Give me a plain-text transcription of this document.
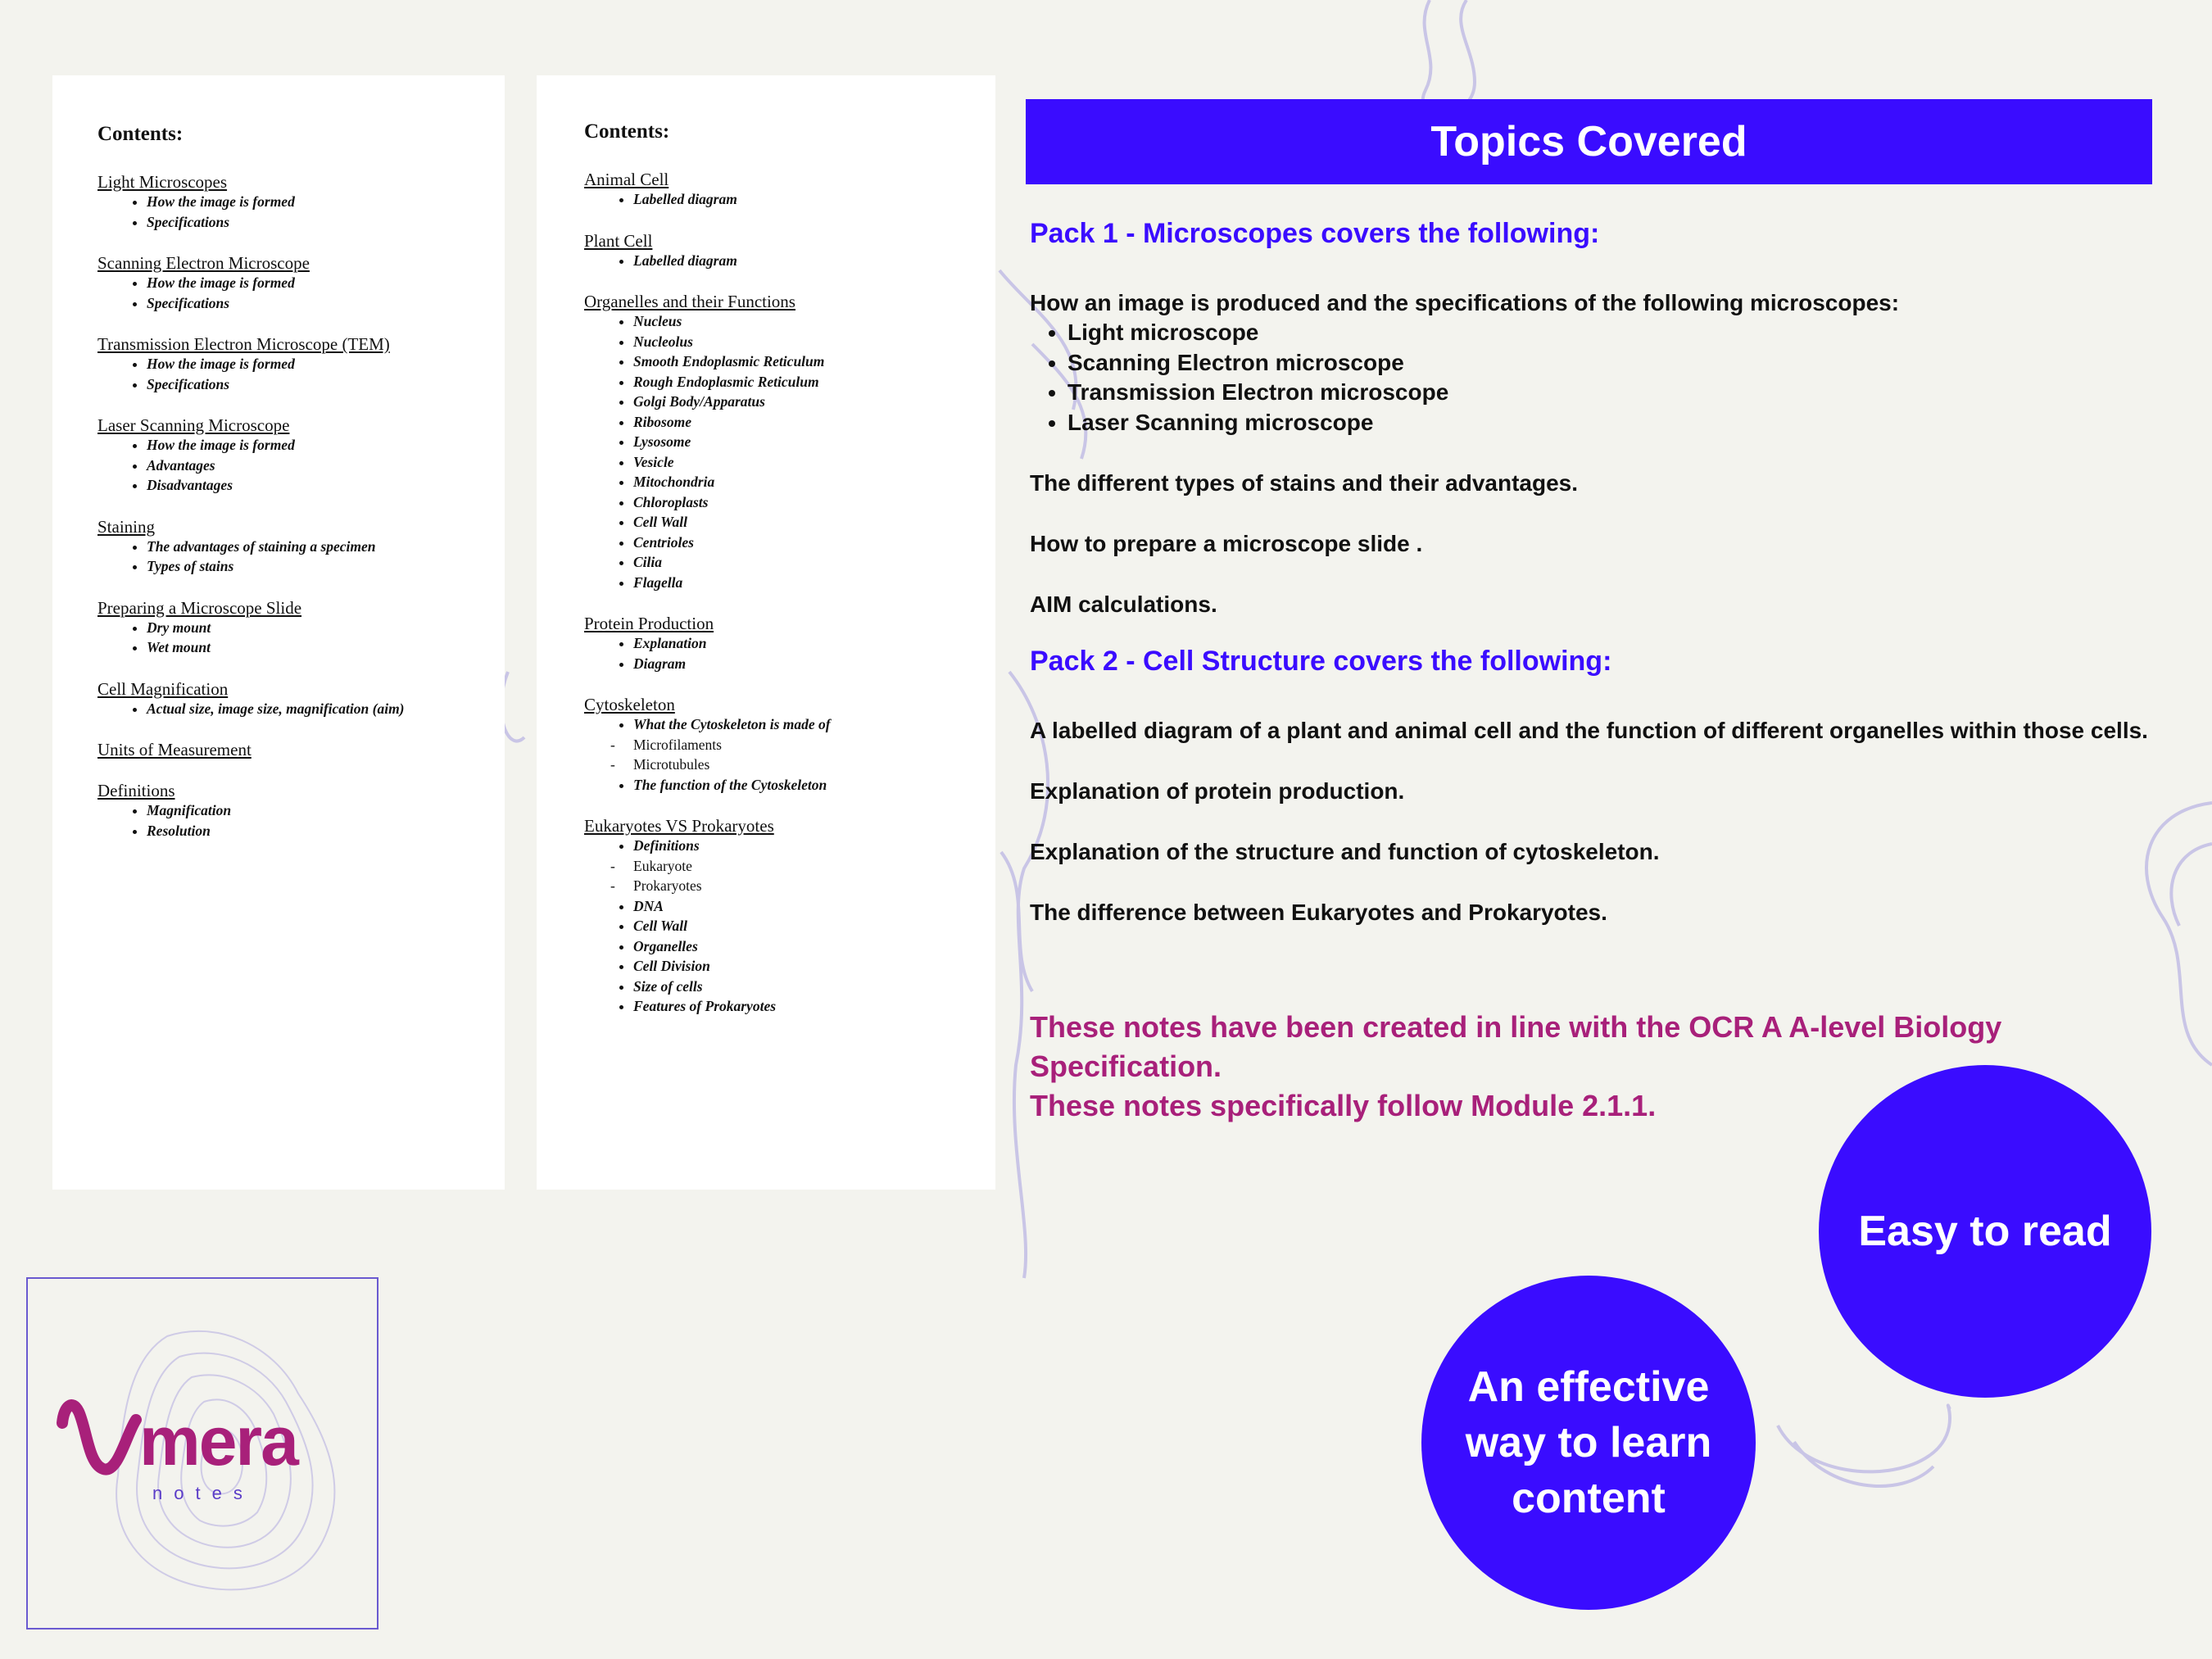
Contents:
Light Microscopes
• How the image is formed
• Specifications
Scanning Electron Microscope
• How the image is formed
• Specifications
Transmission Electron Microscope (TEM)
• How the image is formed
• Specifications
Laser Scanning Microscope
• How the image is formed
• Advantages
• Disadvantages
Staining
• The advantages of staining a specimen
• Types of stains
Preparing a Microscope Slide
• Dry mount
• Wet mount
Cell Magnification
• Actual size, image size, magnification (aim)
Units of Measurement
Definitions
• Magnification
• Resolution
Contents:
Animal Cell
• Labelled diagram
Plant Cell
• Labelled diagram
Organelles and their Functions
• Nucleus
• Nucleolus
• Smooth Endoplasmic Reticulum
• Rough Endoplasmic Reticulum
• Golgi Body/Apparatus
• Ribosome
• Lysosome
• Vesicle
• Mitochondria
• Chloroplasts
• Cell Wall
• Centrioles
• Cilia
• Flagella
Protein Production
• Explanation
• Diagram
Cytoskeleton
• What the Cytoskeleton is made of
- Microfilaments
- Microtubules
• The function of the Cytoskeleton
Eukaryotes VS Prokaryotes
• Definitions
- Eukaryote
- Prokaryotes
• DNA
• Cell Wall
• Organelles
• Cell Division
• Size of cells
• Features of Prokaryotes
Topics Covered
Pack 1 - Microscopes covers the following:

How an image is produced and the specifications of the following microscopes:

• Light microscope
• Scanning Electron microscope
• Transmission Electron microscope
• Laser Scanning microscope

The different types of stains and their advantages.

How to prepare a microscope slide .

AIM calculations.

Pack 2 - Cell Structure covers the following:

A labelled diagram of a plant and animal cell and the function of different organelles within those cells.

Explanation of protein production.

Explanation of the structure and function of cytoskeleton.

The difference between Eukaryotes and Prokaryotes.

These notes have been created in line with the OCR A A-level Biology Specification.
These notes specifically follow Module 2.1.1.
Easy to read
An effective
way to learn
content
mera
notes
